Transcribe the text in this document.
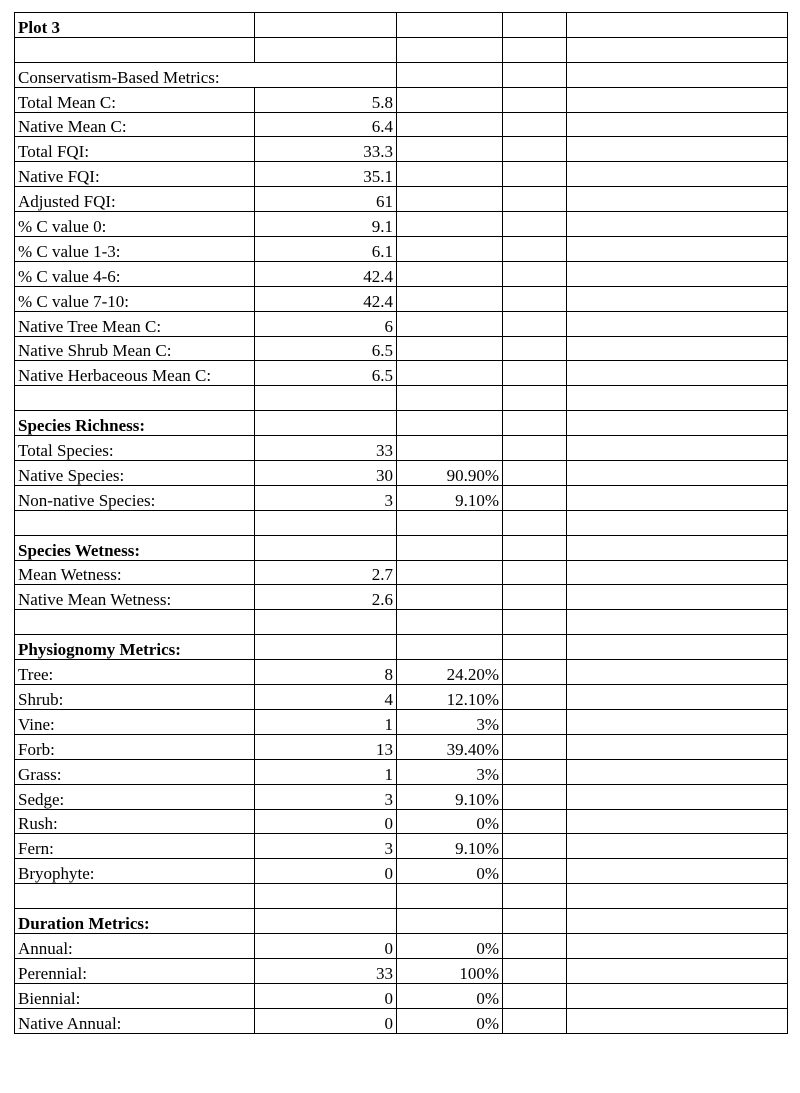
Plot 3				

Conservatism-Based Metrics:				
Total Mean C:	5.8			
Native Mean C:	6.4			
Total FQI:	33.3			
Native FQI:	35.1			
Adjusted FQI:	61			
% C value 0:	9.1			
% C value 1-3:	6.1			
% C value 4-6:	42.4			
% C value 7-10:	42.4			
Native Tree Mean C:	6			
Native Shrub Mean C:	6.5			
Native Herbaceous Mean C:	6.5			

Species Richness:				
Total Species:	33			
Native Species:	30	90.90%		
Non-native Species:	3	9.10%		

Species Wetness:				
Mean Wetness:	2.7			
Native Mean Wetness:	2.6			

Physiognomy Metrics:				
Tree:	8	24.20%		
Shrub:	4	12.10%		
Vine:	1	3%		
Forb:	13	39.40%		
Grass:	1	3%		
Sedge:	3	9.10%		
Rush:	0	0%		
Fern:	3	9.10%		
Bryophyte:	0	0%		

Duration Metrics:				
Annual:	0	0%		
Perennial:	33	100%		
Biennial:	0	0%		
Native Annual:	0	0%		
